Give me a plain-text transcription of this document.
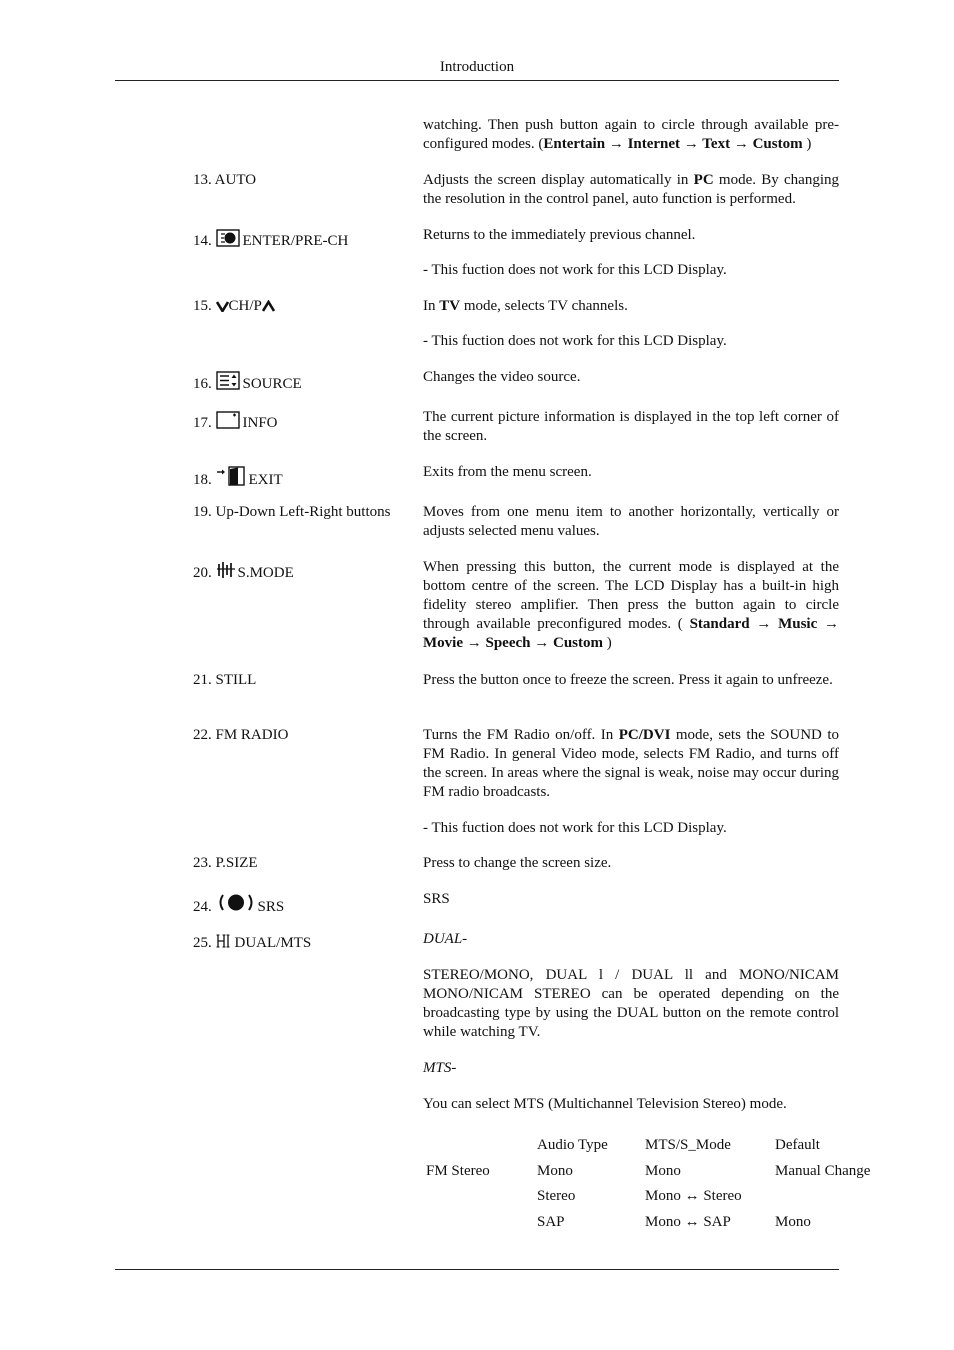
Introduction
watching. Then push button again to circle through available pre-configured modes. (Entertain → Internet → Text → Custom )
13. AUTO	Adjusts the screen display automatically in PC mode. By changing the resolution in the control panel, auto function is performed.
14. ENTER/PRE-CH	Returns to the immediately previous channel.
- This fuction does not work for this LCD Display.
15. CH/P	In TV mode, selects TV channels.
- This fuction does not work for this LCD Display.
16. SOURCE	Changes the video source.
17. INFO	The current picture information is displayed in the top left corner of the screen.
18. EXIT	Exits from the menu screen.
19. Up-Down Left-Right buttons	Moves from one menu item to another horizontally, vertically or adjusts selected menu values.
20. S.MODE	When pressing this button, the current mode is displayed at the bottom centre of the screen. The LCD Display has a built-in high fidelity stereo amplifier. Then press the button again to circle through available preconfigured modes. ( Standard → Music → Movie → Speech → Custom )
21. STILL	Press the button once to freeze the screen. Press it again to unfreeze.
22. FM RADIO	Turns the FM Radio on/off. In PC/DVI mode, sets the SOUND to FM Radio. In general Video mode, selects FM Radio, and turns off the screen. In areas where the signal is weak, noise may occur during FM radio broadcasts.
- This fuction does not work for this LCD Display.
23. P.SIZE	Press to change the screen size.
24.	SRS	SRS
25. DUAL/MTS	DUAL-
STEREO/MONO, DUAL l / DUAL ll and MONO/NICAM MONO/NICAM STEREO can be operated depending on the broadcasting type by using the DUAL button on the remote control while watching TV.
MTS-
You can select MTS (Multichannel Television Stereo) mode.
	Audio Type	MTS/S_Mode	Default
FM Stereo	Mono	Mono	Manual Change
	Stereo	Mono ↔ Stereo	
	SAP	Mono ↔ SAP	Mono
